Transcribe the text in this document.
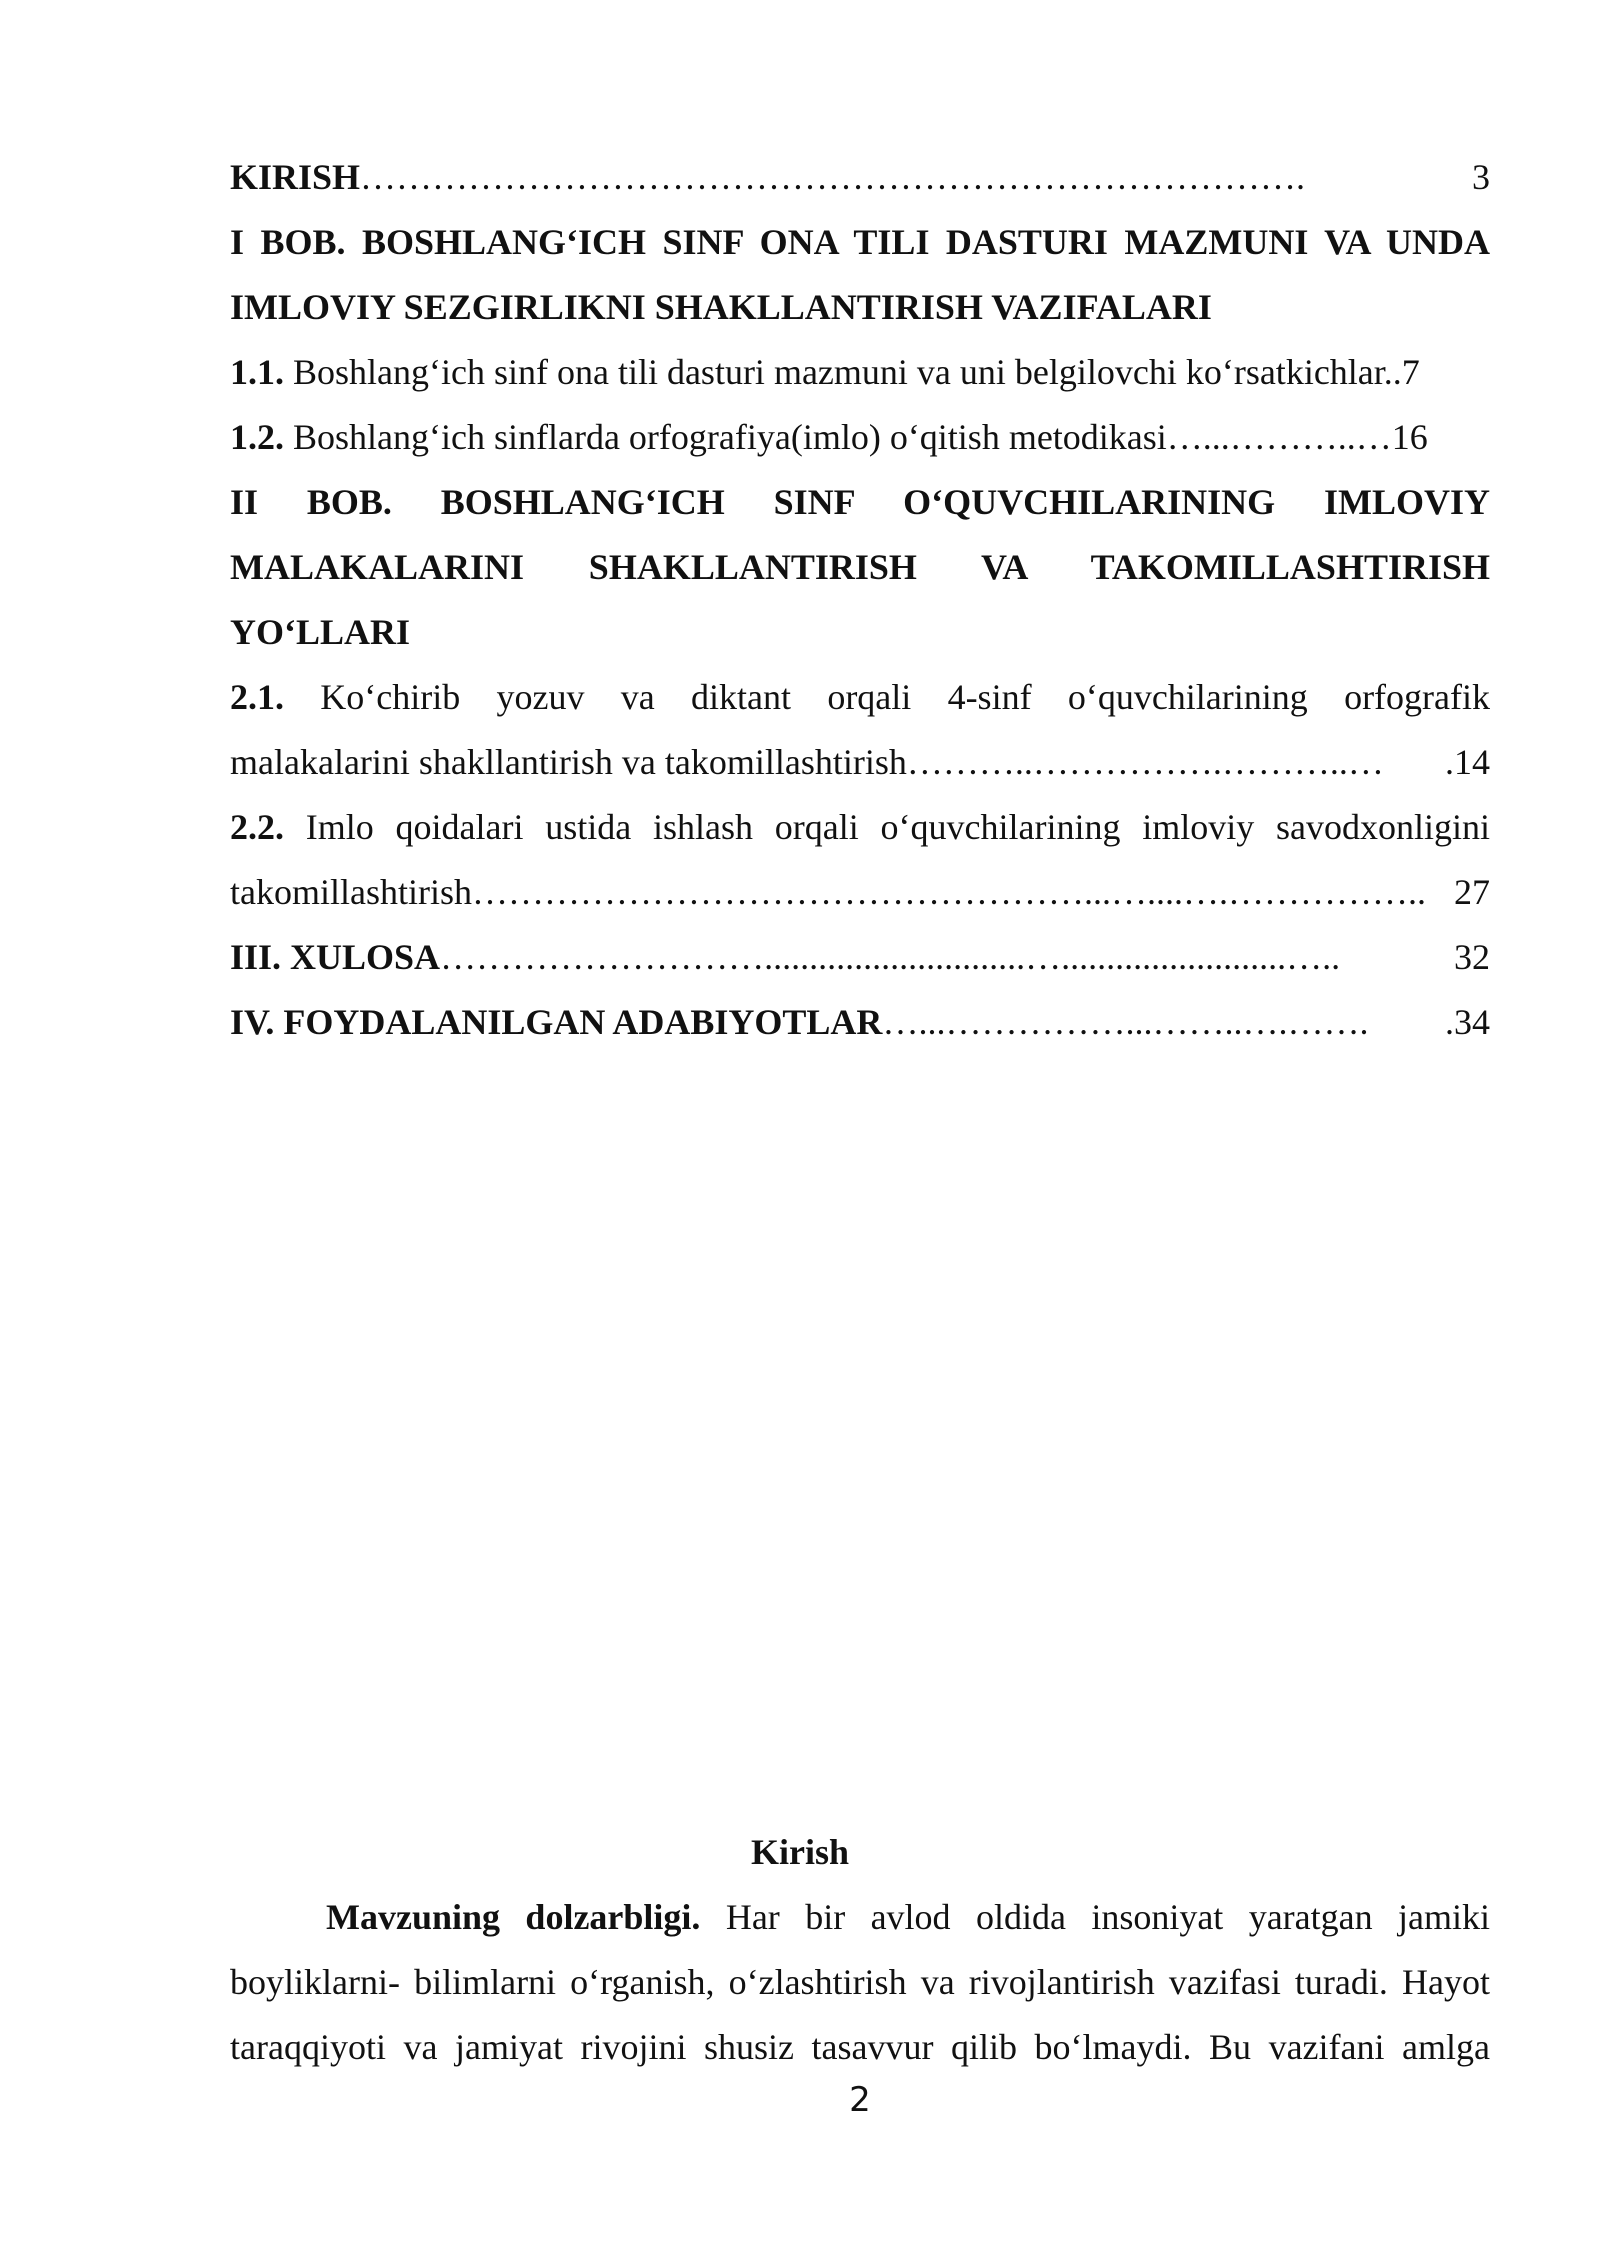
KIRISH …………………………………………………………………….	3
I BOB. BOSHLANG‘ICH SINF ONA TILI DASTURI MAZMUNI VA UNDA
IMLOVIY SEZGIRLIKNI SHAKLLANTIRISH VAZIFALARI
1.1. Boshlang‘ich sinf ona tili dasturi mazmuni va uni belgilovchi ko‘rsatkichlar..7
1.2. Boshlang‘ich sinflarda orfografiya(imlo) o‘qitish metodikasi…...………..…16
II BOB. BOSHLANG‘ICH SINF O‘QUVCHILARINING IMLOVIY
MALAKALARINI SHAKLLANTIRISH VA TAKOMILLASHTIRISH
YO‘LLARI
2.1. Ko‘chirib yozuv va diktant orqali 4-sinf o‘quvchilarining orfografik
malakalarini shakllantirish va takomillashtirish ………..…………….………..…	.14
2.2. Imlo qoidalari ustida ishlash orqali o‘quvchilarining imloviy savodxonligini
takomillashtirish ……………………………………………...…....….…………….. 27
III. XULOSA ……………………….............................….........................…..	32
IV. FOYDALANILGAN ADABIYOTLAR …...……………...……..….…….	.34
Kirish

Mavzuning dolzarbligi. Har bir avlod oldida insoniyat yaratgan jamiki

boyliklarni- bilimlarni o‘rganish, o‘zlashtirish va rivojlantirish vazifasi turadi. Hayot

taraqqiyoti va jamiyat rivojini shusiz tasavvur qilib bo‘lmaydi. Bu vazifani amlga

2
